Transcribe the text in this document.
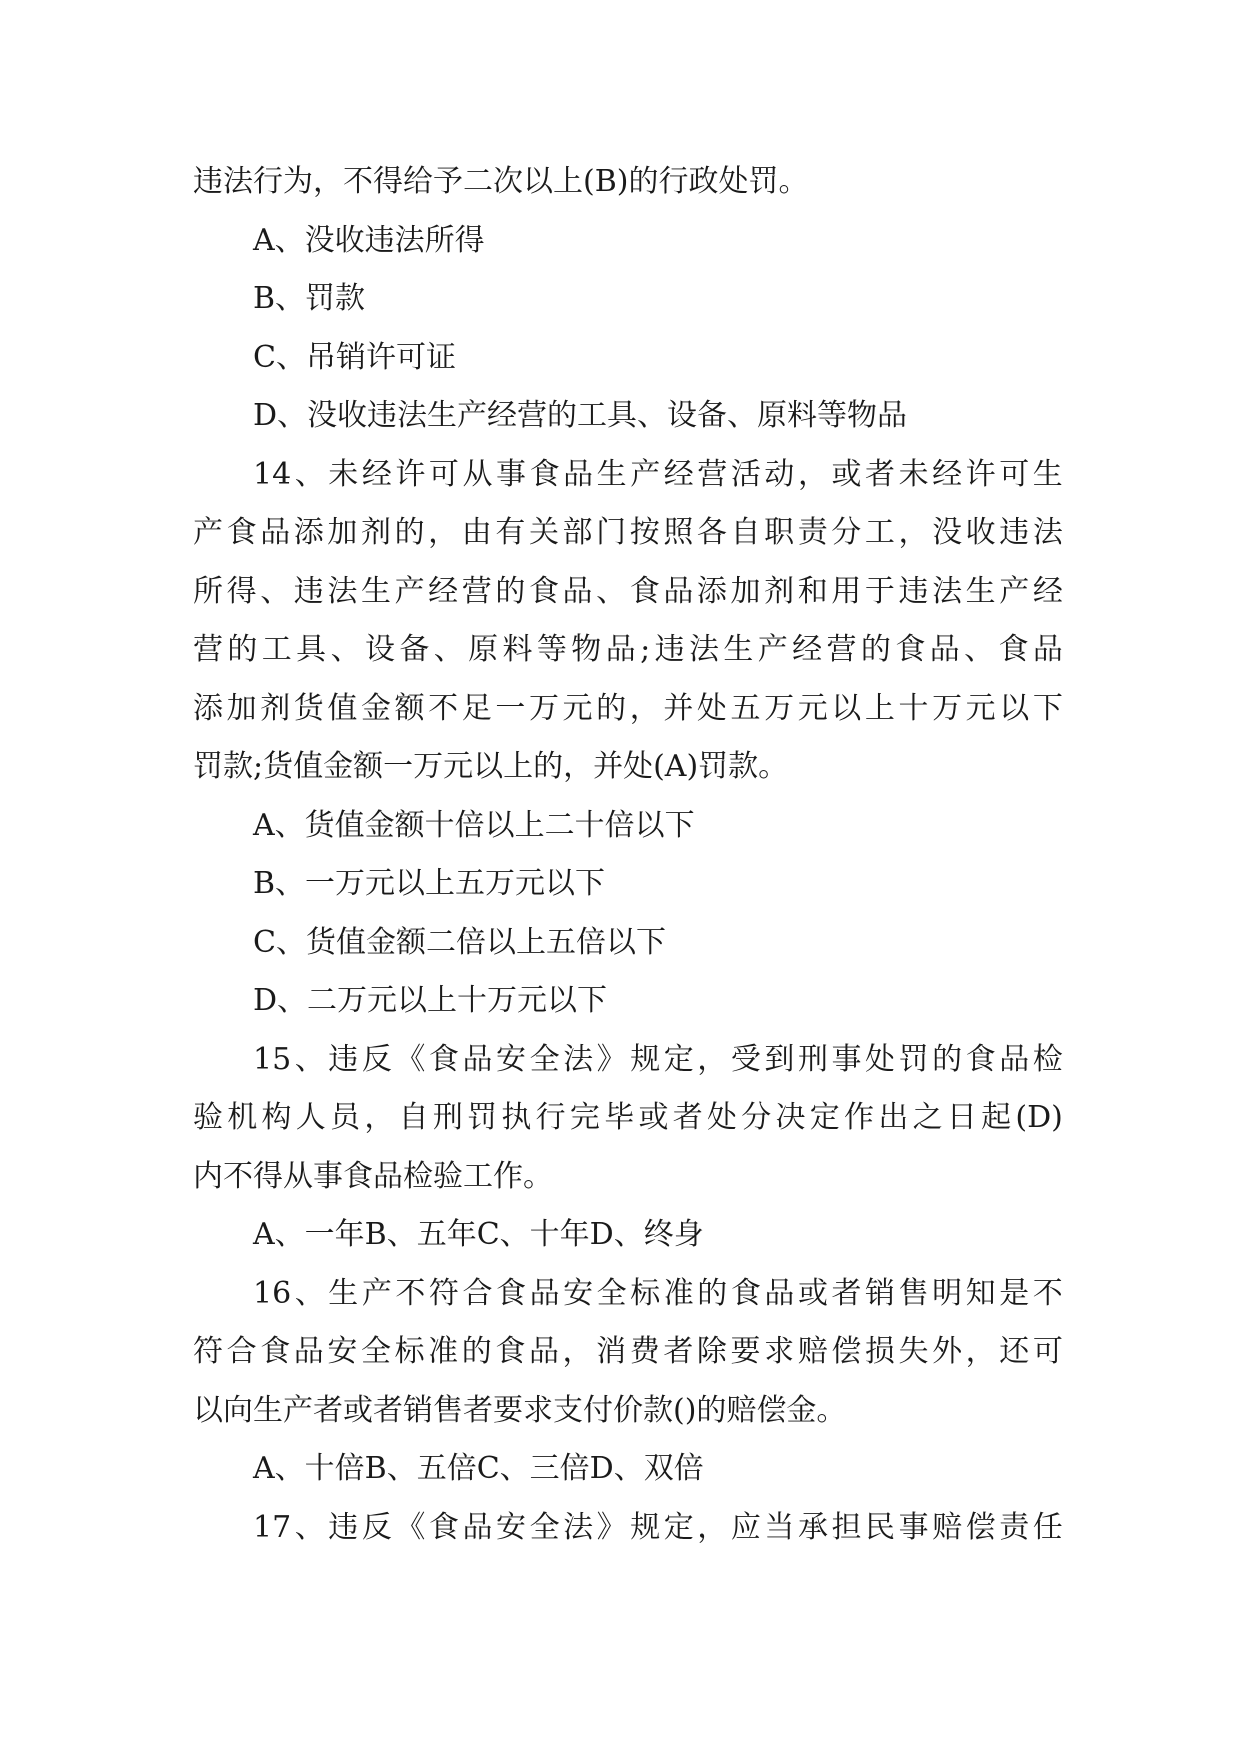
违法行为，不得给予二次以上(B)的行政处罚。
A、没收违法所得
B、罚款
C、吊销许可证
D、没收违法生产经营的工具、设备、原料等物品
14 、 未 经 许 可 从 事 食 品 生 产 经 营 活 动 ， 或 者 未 经 许 可 生
产 食 品 添 加 剂 的 ， 由 有 关 部 门 按 照 各 自 职 责 分 工 ， 没 收 违 法
所 得 、 违 法 生 产 经 营 的 食 品 、 食 品 添 加 剂 和 用 于 违 法 生 产 经
营 的 工 具 、 设 备 、 原 料 等 物 品 ; 违 法 生 产 经 营 的 食 品 、 食 品
添 加 剂 货 值 金 额 不 足 一 万 元 的 ， 并 处 五 万 元 以 上 十 万 元 以 下
罚款;货值金额一万元以上的，并处(A)罚款。
A、货值金额十倍以上二十倍以下
B、一万元以上五万元以下
C、货值金额二倍以上五倍以下
D、二万元以上十万元以下
15 、 违 反 《 食 品 安 全 法 》 规 定 ， 受 到 刑 事 处 罚 的 食 品 检
验 机 构 人 员 ， 自 刑 罚 执 行 完 毕 或 者 处 分 决 定 作 出 之 日 起 (D)
内不得从事食品检验工作。
A、一年B、五年C、十年D、终身
16 、 生 产 不 符 合 食 品 安 全 标 准 的 食 品 或 者 销 售 明 知 是 不
符 合 食 品 安 全 标 准 的 食 品 ， 消 费 者 除 要 求 赔 偿 损 失 外 ， 还 可
以向生产者或者销售者要求支付价款()的赔偿金。
A、十倍B、五倍C、三倍D、双倍
17 、 违 反 《 食 品 安 全 法 》 规 定 ， 应 当 承 担 民 事 赔 偿 责 任
